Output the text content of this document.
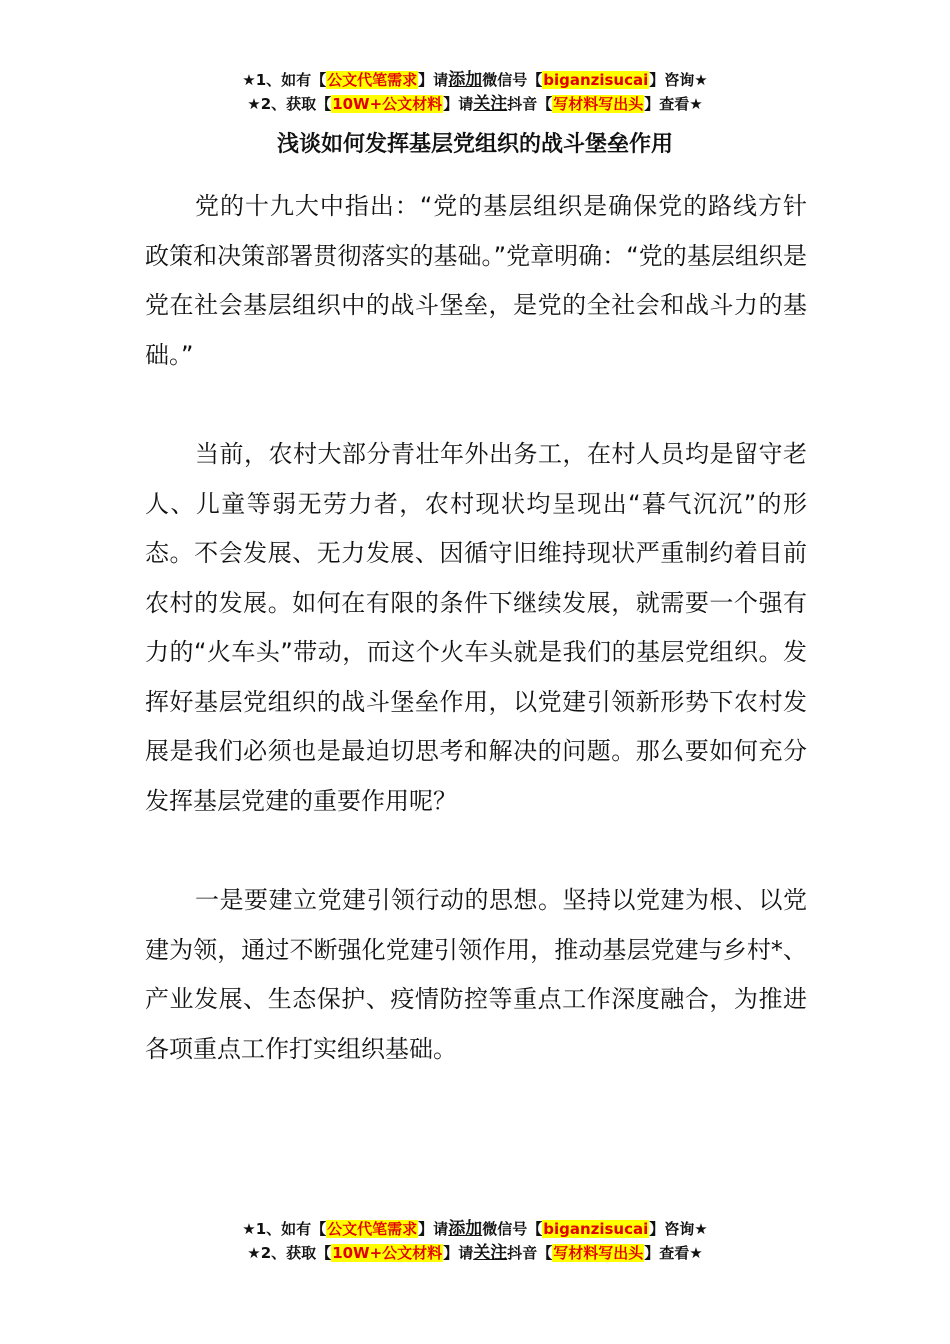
★1、如有【公文代笔需求】请添加微信号【biganzisucai】咨询★
★2、获取【10W+公文材料】请关注抖音【写材料写出头】查看★
浅谈如何发挥基层党组织的战斗堡垒作用

党的十九大中指出：“党的基层组织是确保党的路线方针政策和决策部署贯彻落实的基础。”党章明确：“党的基层组织是党在社会基层组织中的战斗堡垒，是党的全社会和战斗力的基础。”

当前，农村大部分青壮年外出务工，在村人员均是留守老人、儿童等弱无劳力者，农村现状均呈现出“暮气沉沉”的形态。不会发展、无力发展、因循守旧维持现状严重制约着目前农村的发展。如何在有限的条件下继续发展，就需要一个强有力的“火车头”带动，而这个火车头就是我们的基层党组织。发挥好基层党组织的战斗堡垒作用，以党建引领新形势下农村发展是我们必须也是最迫切思考和解决的问题。那么要如何充分发挥基层党建的重要作用呢？

一是要建立党建引领行动的思想。坚持以党建为根、以党建为领，通过不断强化党建引领作用，推动基层党建与乡村*、产业发展、生态保护、疫情防控等重点工作深度融合，为推进各项重点工作打实组织基础。

★1、如有【公文代笔需求】请添加微信号【biganzisucai】咨询★
★2、获取【10W+公文材料】请关注抖音【写材料写出头】查看★
